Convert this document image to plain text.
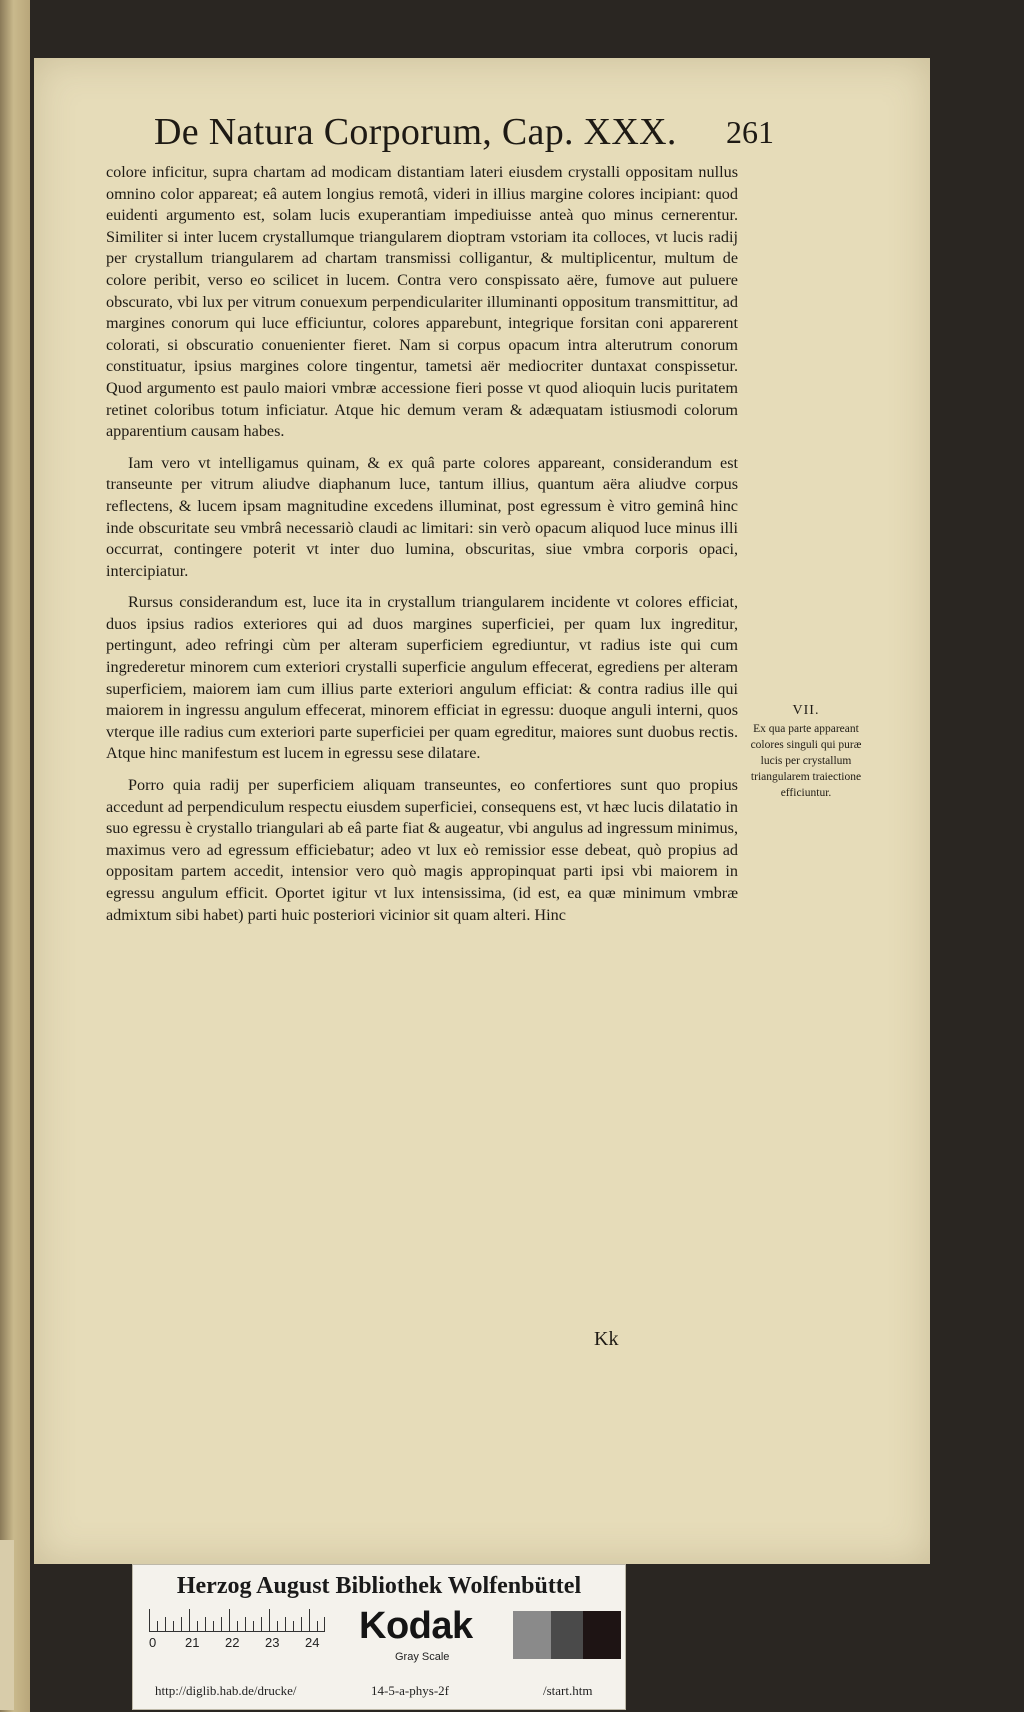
De Natura Corporum, Cap. XXX. 261

colore inficitur, supra chartam ad modicam distantiam lateri eiusdem crystalli oppositam nullus omnino color appareat; eâ autem longius remotâ, videri in illius margine colores incipiant: quod euidenti argumento est, solam lucis exuperantiam impediuisse anteà quo minus cernerentur. Similiter si inter lucem crystallumque triangularem dioptram vstoriam ita colloces, vt lucis radij per crystallum triangularem ad chartam transmissi colligantur, & multiplicentur, multum de colore peribit, verso eo scilicet in lucem. Contra vero conspissato aëre, fumove aut puluere obscurato, vbi lux per vitrum conuexum perpendiculariter illuminanti oppositum transmittitur, ad margines conorum qui luce efficiuntur, colores apparebunt, integrique forsitan coni apparerent colorati, si obscuratio conuenienter fieret. Nam si corpus opacum intra alterutrum conorum constituatur, ipsius margines colore tingentur, tametsi aër mediocriter duntaxat conspissetur. Quod argumento est paulo maiori vmbræ accessione fieri posse vt quod alioquin lucis puritatem retinet coloribus totum inficiatur. Atque hic demum veram & adæquatam istiusmodi colorum apparentium causam habes.

Iam vero vt intelligamus quinam, & ex quâ parte colores appareant, considerandum est transeunte per vitrum aliudve diaphanum luce, tantum illius, quantum aëra aliudve corpus reflectens, & lucem ipsam magnitudine excedens illuminat, post egressum è vitro geminâ hinc inde obscuritate seu vmbrâ necessariò claudi ac limitari: sin verò opacum aliquod luce minus illi occurrat, contingere poterit vt inter duo lumina, obscuritas, siue vmbra corporis opaci, intercipiatur.

Rursus considerandum est, luce ita in crystallum triangularem incidente vt colores efficiat, duos ipsius radios exteriores qui ad duos margines superficiei, per quam lux ingreditur, pertingunt, adeo refringi cùm per alteram superficiem egrediuntur, vt radius iste qui cum ingrederetur minorem cum exteriori crystalli superficie angulum effecerat, egrediens per alteram superficiem, maiorem iam cum illius parte exteriori angulum efficiat: & contra radius ille qui maiorem in ingressu angulum effecerat, minorem efficiat in egressu: duoque anguli interni, quos vterque ille radius cum exteriori parte superficiei per quam egreditur, maiores sunt duobus rectis. Atque hinc manifestum est lucem in egressu sese dilatare.

Porro quia radij per superficiem aliquam transeuntes, eo confertiores sunt quo propius accedunt ad perpendiculum respectu eiusdem superficiei, consequens est, vt hæc lucis dilatatio in suo egressu è crystallo triangulari ab eâ parte fiat & augeatur, vbi angulus ad ingressum minimus, maximus vero ad egressum efficiebatur; adeo vt lux eò remissior esse debeat, quò propius ad oppositam partem accedit, intensior vero quò magis appropinquat parti ipsi vbi maiorem in egressu angulum efficit. Oportet igitur vt lux intensissima, (id est, ea quæ minimum vmbræ admixtum sibi habet) parti huic posteriori vicinior sit quam alteri. Hinc

VII.
Ex qua parte appareant colores singuli qui puræ lucis per crystallum triangularem traiectione efficiuntur.
Kk
Herzog August Bibliothek Wolfenbüttel
0 21 22 23 24 Kodak
Gray Scale
http://diglib.hab.de/drucke/	14-5-a-phys-2f	/start.htm
